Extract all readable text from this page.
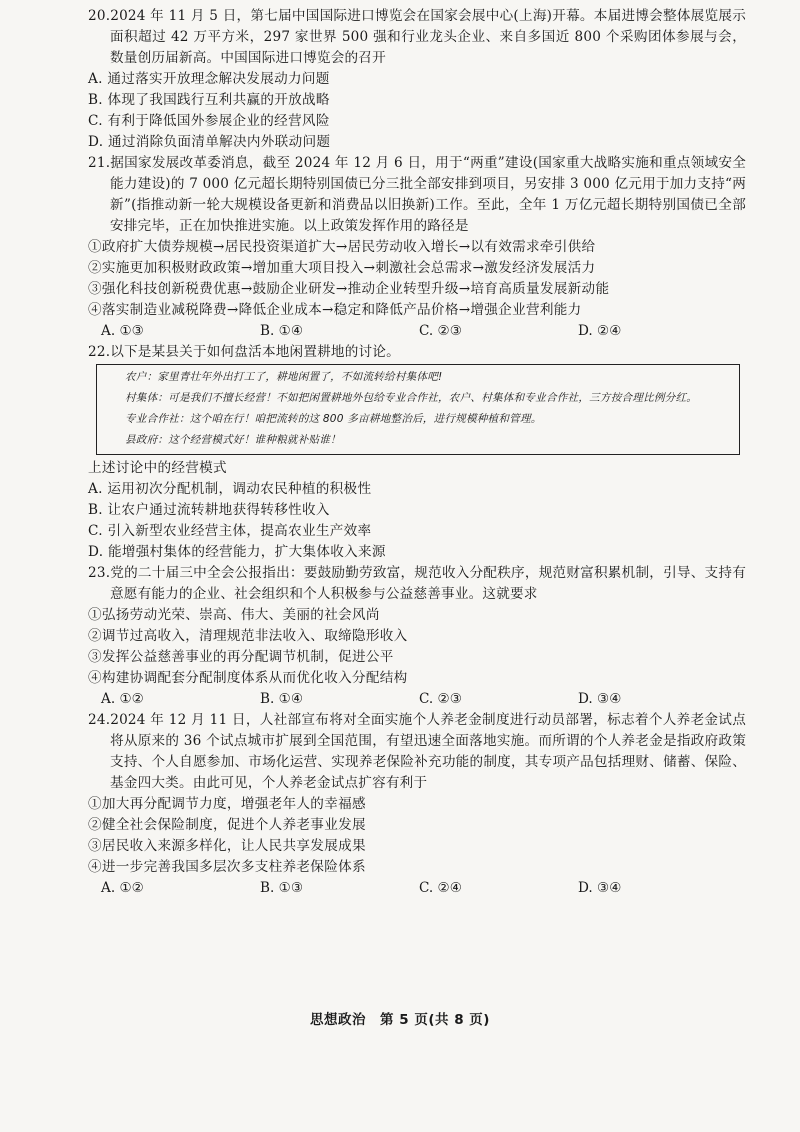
20.2024 年 11 月 5 日，第七届中国国际进口博览会在国家会展中心(上海)开幕。本届进博会整体展览展示面积超过 42 万平方米，297 家世界 500 强和行业龙头企业、来自多国近 800 个采购团体参展与会，数量创历届新高。中国国际进口博览会的召开

A. 通过落实开放理念解决发展动力问题

B. 体现了我国践行互利共赢的开放战略

C. 有利于降低国外参展企业的经营风险

D. 通过消除负面清单解决内外联动问题

21.据国家发展改革委消息，截至 2024 年 12 月 6 日，用于“两重”建设(国家重大战略实施和重点领域安全能力建设)的 7 000 亿元超长期特别国债已分三批全部安排到项目，另安排 3 000 亿元用于加力支持“两新”(指推动新一轮大规模设备更新和消费品以旧换新)工作。至此，全年 1 万亿元超长期特别国债已全部安排完毕，正在加快推进实施。以上政策发挥作用的路径是

①政府扩大债券规模→居民投资渠道扩大→居民劳动收入增长→以有效需求牵引供给

②实施更加积极财政政策→增加重大项目投入→刺激社会总需求→激发经济发展活力

③强化科技创新税费优惠→鼓励企业研发→推动企业转型升级→培育高质量发展新动能

④落实制造业减税降费→降低企业成本→稳定和降低产品价格→增强企业营利能力

A. ①③	B. ①④	C. ②③	D. ②④

22.以下是某县关于如何盘活本地闲置耕地的讨论。

农户：家里青壮年外出打工了，耕地闲置了，不如流转给村集体吧!

村集体：可是我们不擅长经营！不如把闲置耕地外包给专业合作社，农户、村集体和专业合作社，三方按合理比例分红。

专业合作社：这个咱在行！咱把流转的这 800 多亩耕地整治后，进行规模种植和管理。

县政府：这个经营模式好！谁种粮就补贴谁！

上述讨论中的经营模式

A. 运用初次分配机制，调动农民种植的积极性

B. 让农户通过流转耕地获得转移性收入

C. 引入新型农业经营主体，提高农业生产效率

D. 能增强村集体的经营能力，扩大集体收入来源

23.党的二十届三中全会公报指出：要鼓励勤劳致富，规范收入分配秩序，规范财富积累机制，引导、支持有意愿有能力的企业、社会组织和个人积极参与公益慈善事业。这就要求

①弘扬劳动光荣、崇高、伟大、美丽的社会风尚

②调节过高收入，清理规范非法收入、取缔隐形收入

③发挥公益慈善事业的再分配调节机制，促进公平

④构建协调配套分配制度体系从而优化收入分配结构

A. ①②	B. ①④	C. ②③	D. ③④

24.2024 年 12 月 11 日，人社部宣布将对全面实施个人养老金制度进行动员部署，标志着个人养老金试点将从原来的 36 个试点城市扩展到全国范围，有望迅速全面落地实施。而所谓的个人养老金是指政府政策支持、个人自愿参加、市场化运营、实现养老保险补充功能的制度，其专项产品包括理财、储蓄、保险、基金四大类。由此可见，个人养老金试点扩容有利于

①加大再分配调节力度，增强老年人的幸福感

②健全社会保险制度，促进个人养老事业发展

③居民收入来源多样化，让人民共享发展成果

④进一步完善我国多层次多支柱养老保险体系

A. ①②	B. ①③	C. ②④	D. ③④
思想政治　第 5 页(共 8 页)
